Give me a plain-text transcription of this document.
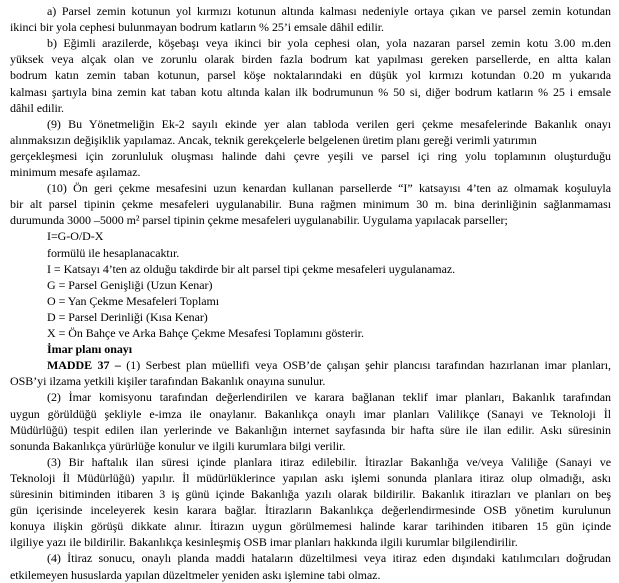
a) Parsel zemin kotunun yol kırmızı kotunun altında kalması nedeniyle ortaya çıkan ve parsel zemin kotundan
ikinci bir yola cephesi bulunmayan bodrum katların % 25’i emsale dâhil edilir.
b) Eğimli arazilerde, köşebaşı veya ikinci bir yola cephesi olan, yola nazaran parsel zemin kotu 3.00 m.den
yüksek veya alçak olan ve zorunlu olarak birden fazla bodrum kat yapılması gereken parsellerde, en altta kalan
bodrum katın zemin taban kotunun, parsel köşe noktalarındaki en düşük yol kırmızı kotundan 0.20 m yukarıda
kalması şartıyla bina zemin kat taban kotu altında kalan ilk bodrumunun % 50 si, diğer bodrum katların % 25 i emsale
dâhil edilir.
(9) Bu Yönetmeliğin Ek-2 sayılı ekinde yer alan tabloda verilen geri çekme mesafelerinde Bakanlık onayı
alınmaksızın değişiklik yapılamaz. Ancak, teknik gerekçelerle belgelenen üretim planı gereği verimli yatırımın
gerçekleşmesi için zorunluluk oluşması halinde dahi çevre yeşili ve parsel içi ring yolu toplamının oluşturduğu
minimum mesafe aşılamaz.
(10) Ön geri çekme mesafesini uzun kenardan kullanan parsellerde “I” katsayısı 4’ten az olmamak koşuluyla
bir alt parsel tipinin çekme mesafeleri uygulanabilir. Buna rağmen minimum 30 m. bina derinliğinin sağlanmaması
durumunda 3000 –5000 m² parsel tipinin çekme mesafeleri uygulanabilir. Uygulama yapılacak parseller;
I=G-O/D-X
formülü ile hesaplanacaktır.
I = Katsayı 4’ten az olduğu takdirde bir alt parsel tipi çekme mesafeleri uygulanamaz.
G = Parsel Genişliği (Uzun Kenar)
O = Yan Çekme Mesafeleri Toplamı
D = Parsel Derinliği (Kısa Kenar)
X = Ön Bahçe ve Arka Bahçe Çekme Mesafesi Toplamını gösterir.
İmar planı onayı
MADDE 37 – (1) Serbest plan müellifi veya OSB’de çalışan şehir plancısı tarafından hazırlanan imar planları,
OSB’yi ilzama yetkili kişiler tarafından Bakanlık onayına sunulur.
(2) İmar komisyonu tarafından değerlendirilen ve karara bağlanan teklif imar planları, Bakanlık tarafından
uygun görüldüğü şekliyle e-imza ile onaylanır. Bakanlıkça onaylı imar planları Valilikçe (Sanayi ve Teknoloji İl
Müdürlüğü) tespit edilen ilan yerlerinde ve Bakanlığın internet sayfasında bir hafta süre ile ilan edilir. Askı süresinin
sonunda Bakanlıkça yürürlüğe konulur ve ilgili kurumlara bilgi verilir.
(3) Bir haftalık ilan süresi içinde planlara itiraz edilebilir. İtirazlar Bakanlığa ve/veya Valiliğe (Sanayi ve
Teknoloji İl Müdürlüğü) yapılır. İl müdürlüklerince yapılan askı işlemi sonunda planlara itiraz olup olmadığı, askı
süresinin bitiminden itibaren 3 iş günü içinde Bakanlığa yazılı olarak bildirilir. Bakanlık itirazları ve planları on beş
gün içerisinde inceleyerek kesin karara bağlar. İtirazların Bakanlıkça değerlendirmesinde OSB yönetim kurulunun
konuya ilişkin görüşü dikkate alınır. İtirazın uygun görülmemesi halinde karar tarihinden itibaren 15 gün içinde
ilgiliye yazı ile bildirilir. Bakanlıkça kesinleşmiş OSB imar planları hakkında ilgili kurumlar bilgilendirilir.
(4) İtiraz sonucu, onaylı planda maddi hataların düzeltilmesi veya itiraz eden dışındaki katılımcıları doğrudan
etkilemeyen hususlarda yapılan düzeltmeler yeniden askı işlemine tabi olmaz.
